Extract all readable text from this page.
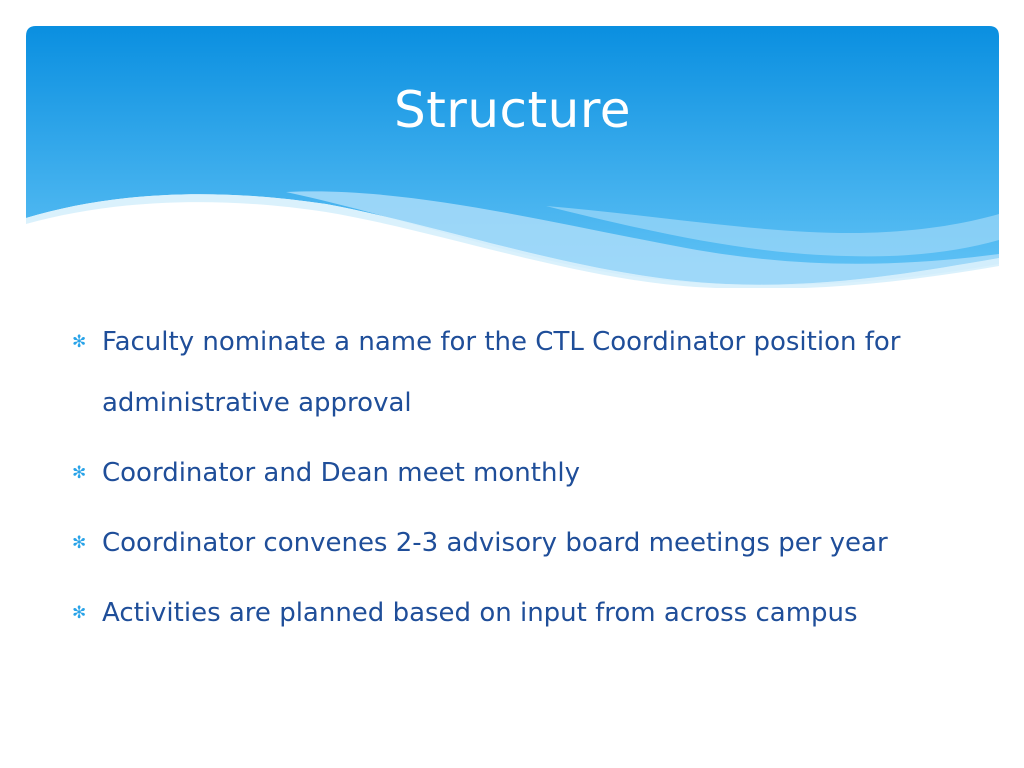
Structure
✻ Faculty nominate a name for the CTL Coordinator position for administrative approval
✻ Coordinator and Dean meet monthly
✻ Coordinator convenes 2-3 advisory board meetings per year
✻ Activities are planned based on input from across campus
